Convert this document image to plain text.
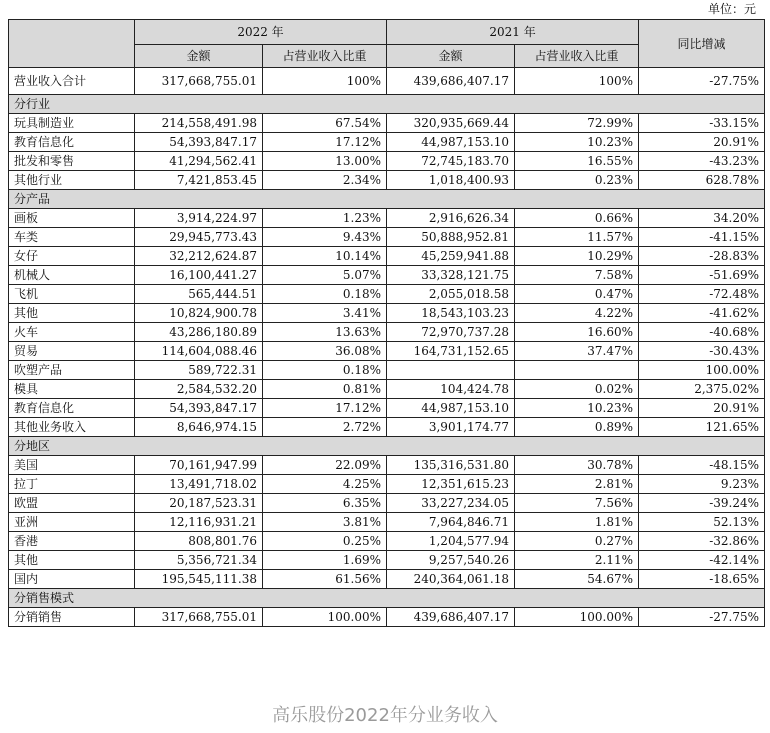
单位：元
	2022 年		2021 年		同比增减
	金额	占营业收入比重	金额	占营业收入比重	
营业收入合计	317,668,755.01	100%	439,686,407.17	100%	-27.75%
分行业					
玩具制造业	214,558,491.98	67.54%	320,935,669.44	72.99%	-33.15%
教育信息化	54,393,847.17	17.12%	44,987,153.10	10.23%	20.91%
批发和零售	41,294,562.41	13.00%	72,745,183.70	16.55%	-43.23%
其他行业	7,421,853.45	2.34%	1,018,400.93	0.23%	628.78%
分产品					
画板	3,914,224.97	1.23%	2,916,626.34	0.66%	34.20%
车类	29,945,773.43	9.43%	50,888,952.81	11.57%	-41.15%
女仔	32,212,624.87	10.14%	45,259,941.88	10.29%	-28.83%
机械人	16,100,441.27	5.07%	33,328,121.75	7.58%	-51.69%
飞机	565,444.51	0.18%	2,055,018.58	0.47%	-72.48%
其他	10,824,900.78	3.41%	18,543,103.23	4.22%	-41.62%
火车	43,286,180.89	13.63%	72,970,737.28	16.60%	-40.68%
贸易	114,604,088.46	36.08%	164,731,152.65	37.47%	-30.43%
吹塑产品	589,722.31	0.18%			100.00%
模具	2,584,532.20	0.81%	104,424.78	0.02%	2,375.02%
教育信息化	54,393,847.17	17.12%	44,987,153.10	10.23%	20.91%
其他业务收入	8,646,974.15	2.72%	3,901,174.77	0.89%	121.65%
分地区					
美国	70,161,947.99	22.09%	135,316,531.80	30.78%	-48.15%
拉丁	13,491,718.02	4.25%	12,351,615.23	2.81%	9.23%
欧盟	20,187,523.31	6.35%	33,227,234.05	7.56%	-39.24%
亚洲	12,116,931.21	3.81%	7,964,846.71	1.81%	52.13%
香港	808,801.76	0.25%	1,204,577.94	0.27%	-32.86%
其他	5,356,721.34	1.69%	9,257,540.26	2.11%	-42.14%
国内	195,545,111.38	61.56%	240,364,061.18	54.67%	-18.65%
分销售模式					
分销销售	317,668,755.01	100.00%	439,686,407.17	100.00%	-27.75%
高乐股份2022年分业务收入
